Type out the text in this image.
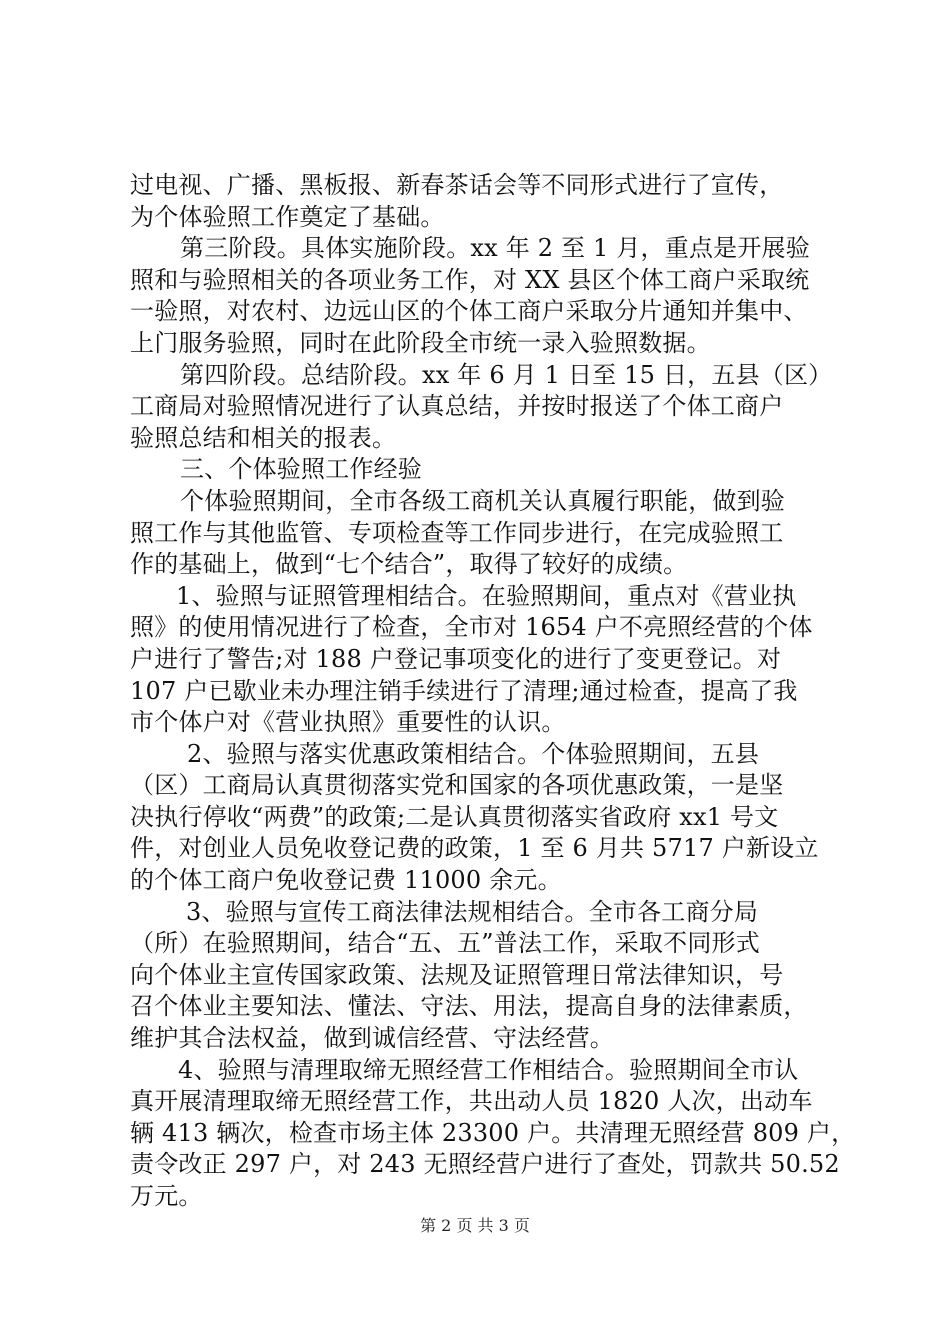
过电视、广播、黑板报、新春茶话会等不同形式进行了宣传，
为个体验照工作奠定了基础。
第三阶段。具体实施阶段。xx 年 2 至 1 月，重点是开展验
照和与验照相关的各项业务工作，对 XX 县区个体工商户采取统
一验照，对农村、边远山区的个体工商户采取分片通知并集中、
上门服务验照，同时在此阶段全市统一录入验照数据。
第四阶段。总结阶段。xx 年 6 月 1 日至 15 日，五县（区）
工商局对验照情况进行了认真总结，并按时报送了个体工商户
验照总结和相关的报表。
三、个体验照工作经验
个体验照期间，全市各级工商机关认真履行职能，做到验
照工作与其他监管、专项检查等工作同步进行，在完成验照工
作的基础上，做到“七个结合”，取得了较好的成绩。
1、验照与证照管理相结合。在验照期间，重点对《营业执
照》的使用情况进行了检查，全市对 1654 户不亮照经营的个体
户进行了警告;对 188 户登记事项变化的进行了变更登记。对
107 户已歇业未办理注销手续进行了清理;通过检查，提高了我
市个体户对《营业执照》重要性的认识。
2、验照与落实优惠政策相结合。个体验照期间，五县
（区）工商局认真贯彻落实党和国家的各项优惠政策，一是坚
决执行停收“两费”的政策;二是认真贯彻落实省政府 xx1 号文
件，对创业人员免收登记费的政策，1 至 6 月共 5717 户新设立
的个体工商户免收登记费 11000 余元。
3、验照与宣传工商法律法规相结合。全市各工商分局
（所）在验照期间，结合“五、五”普法工作，采取不同形式
向个体业主宣传国家政策、法规及证照管理日常法律知识，号
召个体业主要知法、懂法、守法、用法，提高自身的法律素质，
维护其合法权益，做到诚信经营、守法经营。
4、验照与清理取缔无照经营工作相结合。验照期间全市认
真开展清理取缔无照经营工作，共出动人员 1820 人次，出动车
辆 413 辆次，检查市场主体 23300 户。共清理无照经营 809 户，
责令改正 297 户，对 243 无照经营户进行了查处，罚款共 50.52
万元。
第 2 页 共 3 页
